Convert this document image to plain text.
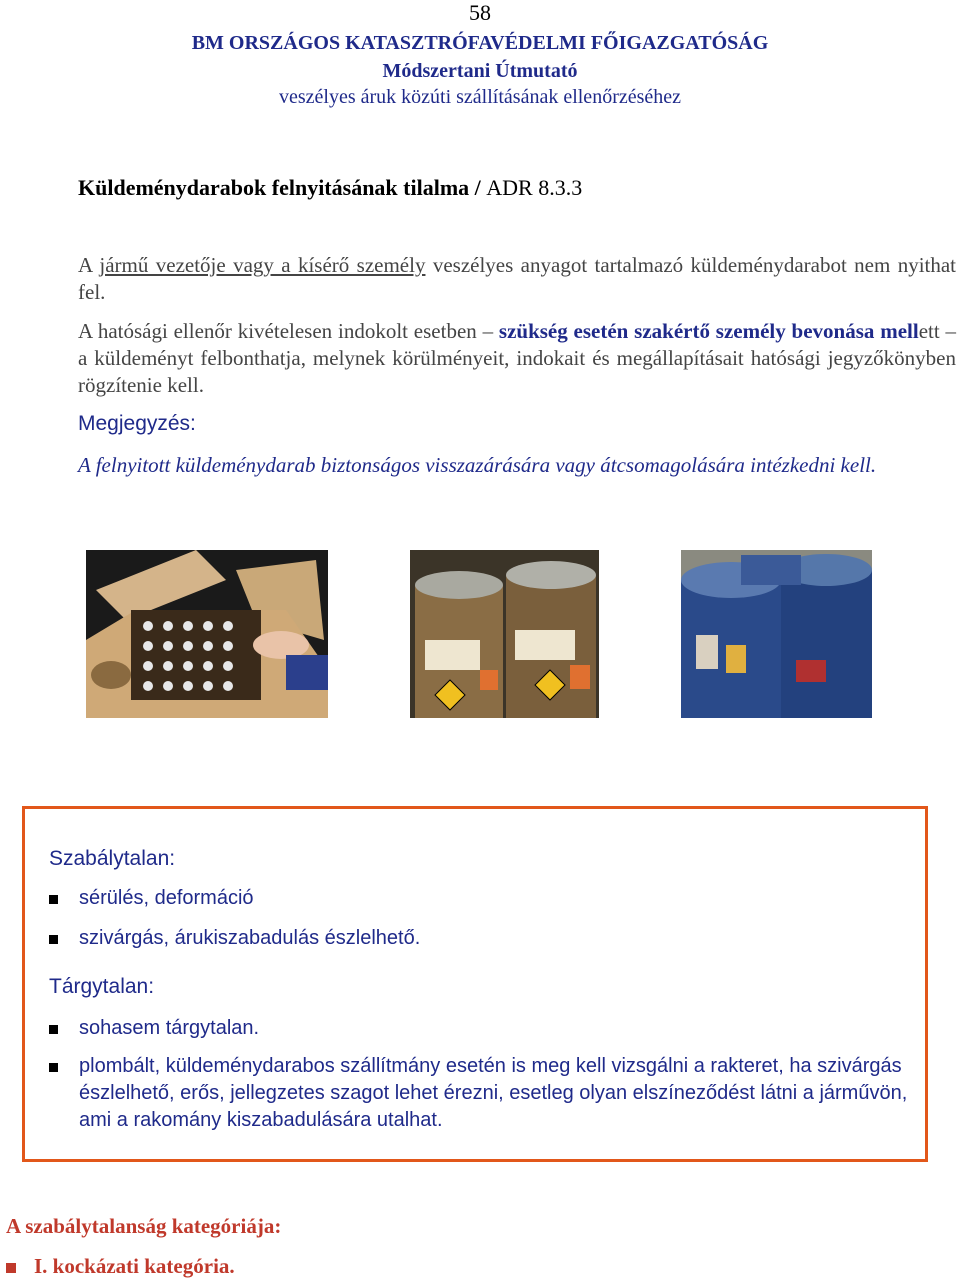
58
BM ORSZÁGOS KATASZTRÓFAVÉDELMI FŐIGAZGATÓSÁG
Módszertani Útmutató
veszélyes áruk közúti szállításának ellenőrzéséhez
Küldeménydarabok felnyitásának tilalma / ADR 8.3.3
A jármű vezetője vagy a kísérő személy veszélyes anyagot tartalmazó küldeménydarabot nem nyithat fel.
A hatósági ellenőr kivételesen indokolt esetben – szükség esetén szakértő személy bevonása mellett – a küldeményt felbonthatja, melynek körülményeit, indokait és megállapításait hatósági jegyzőkönyben rögzítenie kell.
Megjegyzés:
A felnyitott küldeménydarab biztonságos visszazárására vagy átcsomagolására intézkedni kell.
Szabálytalan:
sérülés, deformáció
szivárgás, árukiszabadulás észlelhető.
Tárgytalan:
sohasem tárgytalan.
plombált, küldeménydarabos szállítmány esetén is meg kell vizsgálni a rakteret, ha szivárgás észlelhető, erős, jellegzetes szagot lehet érezni, esetleg olyan elszíneződést látni a járművön, ami a rakomány kiszabadulására utalhat.
A szabálytalanság kategóriája:
I. kockázati kategória.
